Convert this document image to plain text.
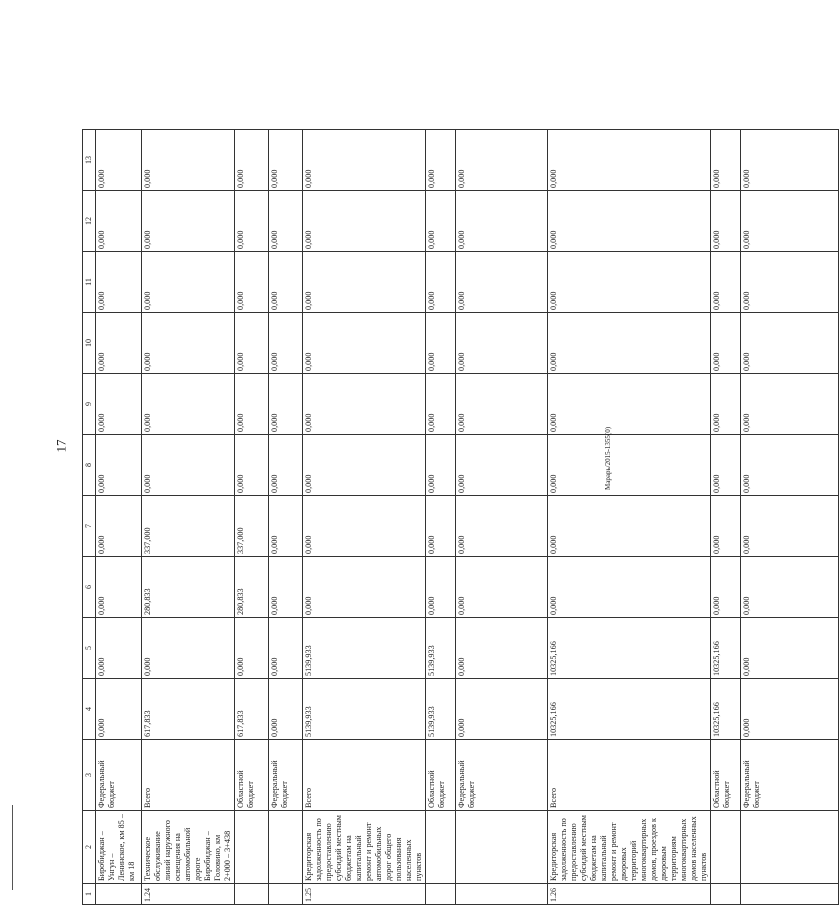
1	2	3	4	5	6	7	8	9	10	11	12	13
	Биробиджан – Унгун – Ленинское, км 85 – км 18	Федеральный бюджет	0,000	0,000	0,000	0,000	0,000	0,000	0,000	0,000	0,000	0,000
1.24	Техническое обслуживание линий наружного освещения на автомобильной дороге Биробиджан – Головино, км 2+000 – 3+438	Всего	617,833	0,000	280,833	337,000	0,000	0,000	0,000	0,000	0,000	0,000
		Областной бюджет	617,833	0,000	280,833	337,000	0,000	0,000	0,000	0,000	0,000	0,000
		Федеральный бюджет	0,000	0,000	0,000	0,000	0,000	0,000	0,000	0,000	0,000	0,000
1.25	Кредиторская задолженность по предоставлению субсидий местным бюджетам на капитальный ремонт и ремонт автомобильных дорог общего пользования населенных пунктов	Всего	5139,933	5139,933	0,000	0,000	0,000	0,000	0,000	0,000	0,000	0,000
		Областной бюджет	5139,933	5139,933	0,000	0,000	0,000	0,000	0,000	0,000	0,000	0,000
		Федеральный бюджет	0,000	0,000	0,000	0,000	0,000	0,000	0,000	0,000	0,000	0,000
1.26	Кредиторская задолженность по предоставлению субсидий местным бюджетам на капитальный ремонт и ремонт дворовых территорий многоквартирных домов, проездов к дворовым территориям многоквартирных домов населенных пунктов	Всего	10325,166	10325,166	0,000	0,000	0,000	0,000	0,000	0,000	0,000	0,000
		Областной бюджет	10325,166	10325,166	0,000	0,000	0,000	0,000	0,000	0,000	0,000	0,000
		Федеральный бюджет	0,000	0,000	0,000	0,000	0,000	0,000	0,000	0,000	0,000	0,000
17	Марарь/2015-1355(0)
